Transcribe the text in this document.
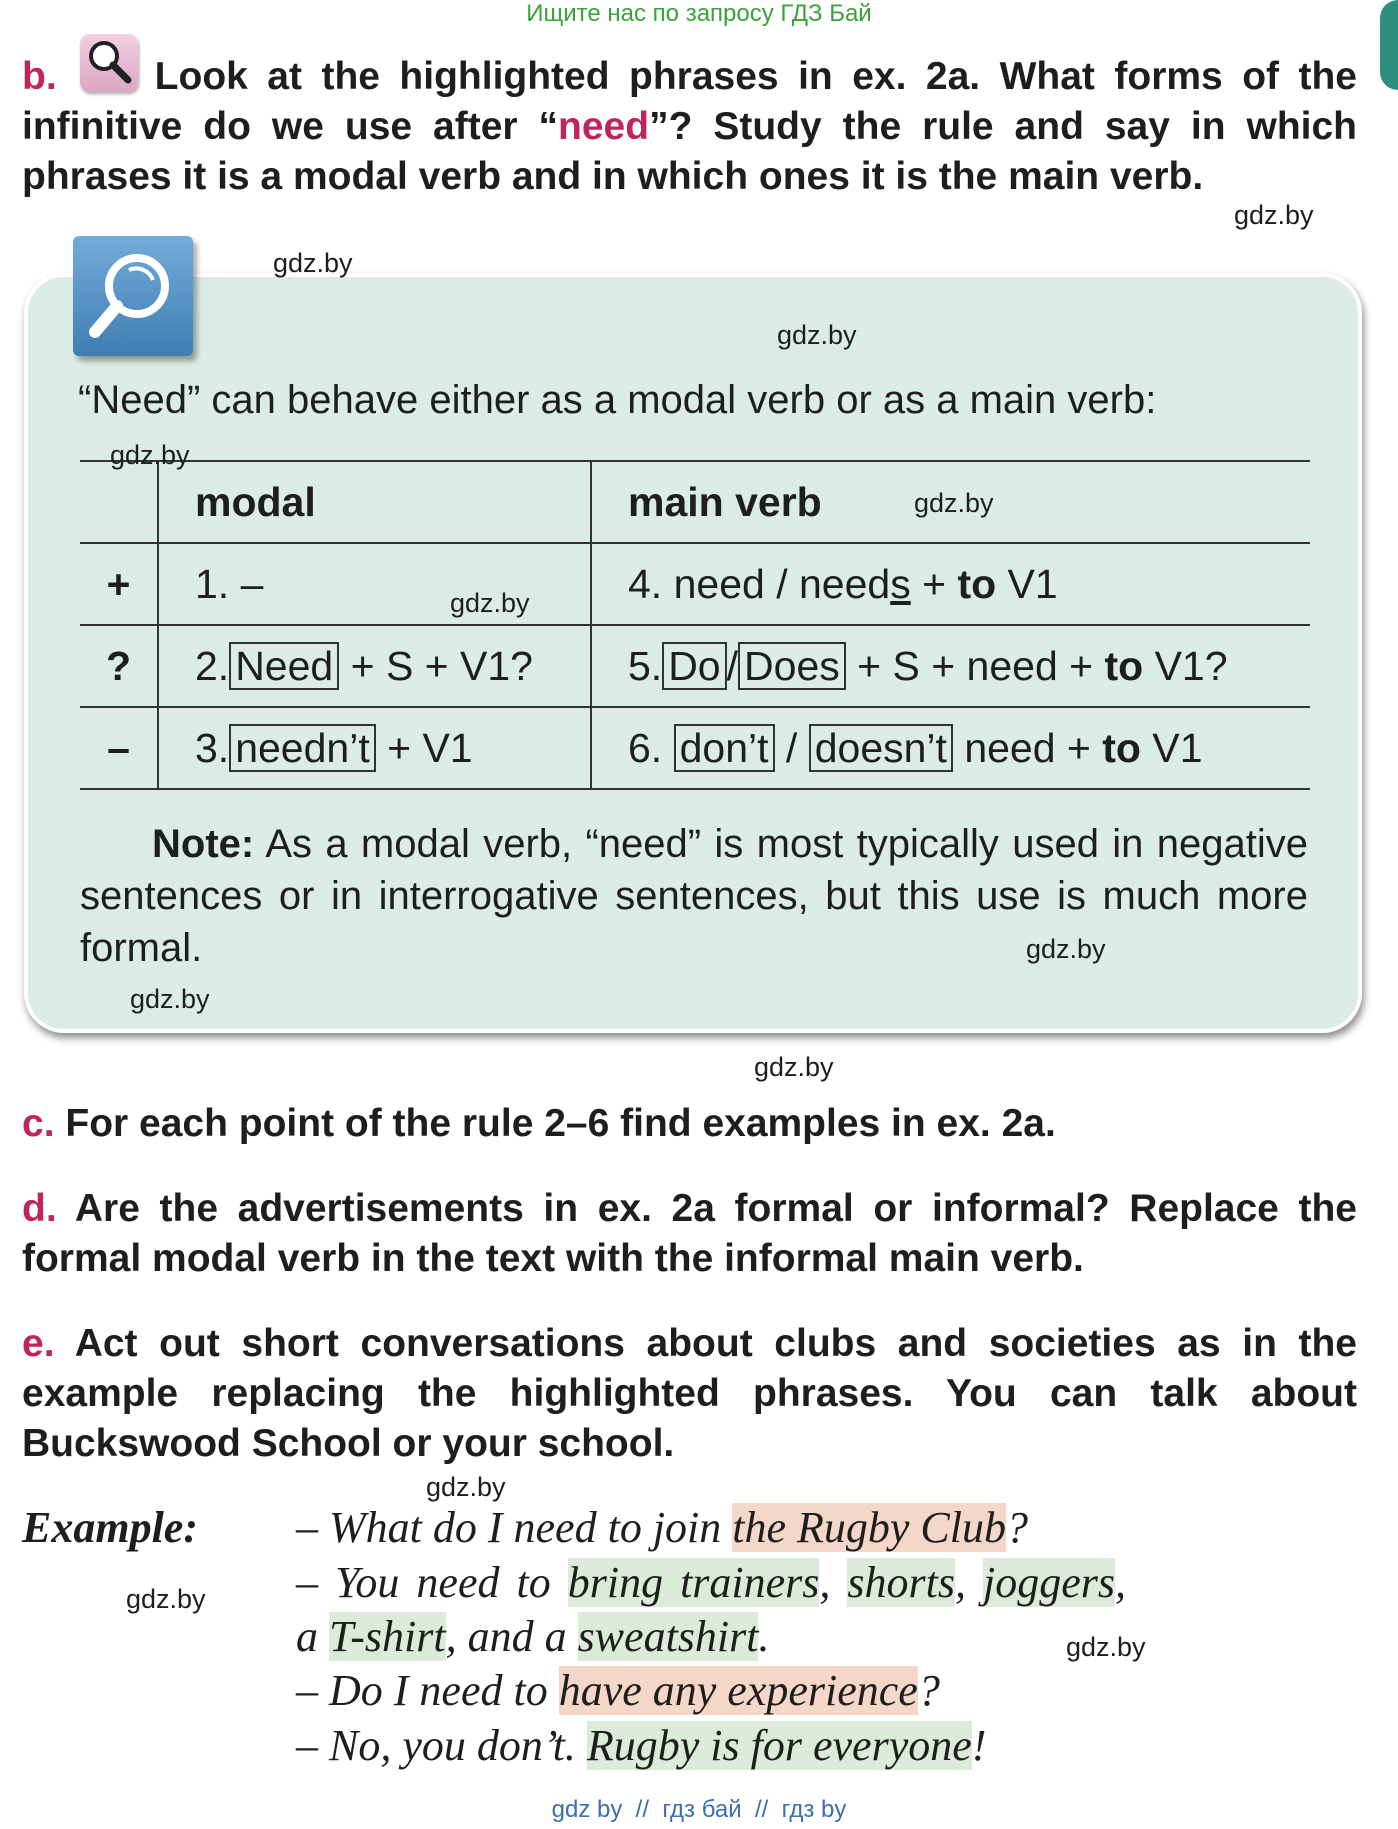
Ищите нас по запросу ГДЗ Бай
b.	Look at the highlighted phrases in ex. 2a. What forms of the infinitive do we use after “need”? Study the rule and say in which phrases it is a modal verb and in which ones it is the main verb.
“Need” can behave either as a modal verb or as a main verb:
	modal	main verb
+	1. –	4. need / needs + to V1
?	2. Need + S + V1?	5. Do / Does + S + need + to V1?
–	3. needn’t + V1	6. don’t / doesn’t need + to V1
Note: As a modal verb, “need” is most typically used in negative sentences or in interrogative sentences, but this use is much more formal.
c. For each point of the rule 2–6 find examples in ex. 2a.
d. Are the advertisements in ex. 2a formal or informal? Replace the formal modal verb in the text with the informal main verb.
e. Act out short conversations about clubs and societies as in the example replacing the highlighted phrases. You can talk about Buckswood School or your school.
Example: – What do I need to join the Rugby Club?
– You need to bring trainers, shorts, joggers,
a T-shirt, and a sweatshirt.
– Do I need to have any experience?
– No, you don’t. Rugby is for everyone!
gdz.by
gdz.by
gdz.by
gdz.by
gdz.by
gdz.by
gdz.by
gdz.by
gdz.by
gdz.by
gdz.by
gdz.by
gdz by  //  гдз бай  //  гдз by
